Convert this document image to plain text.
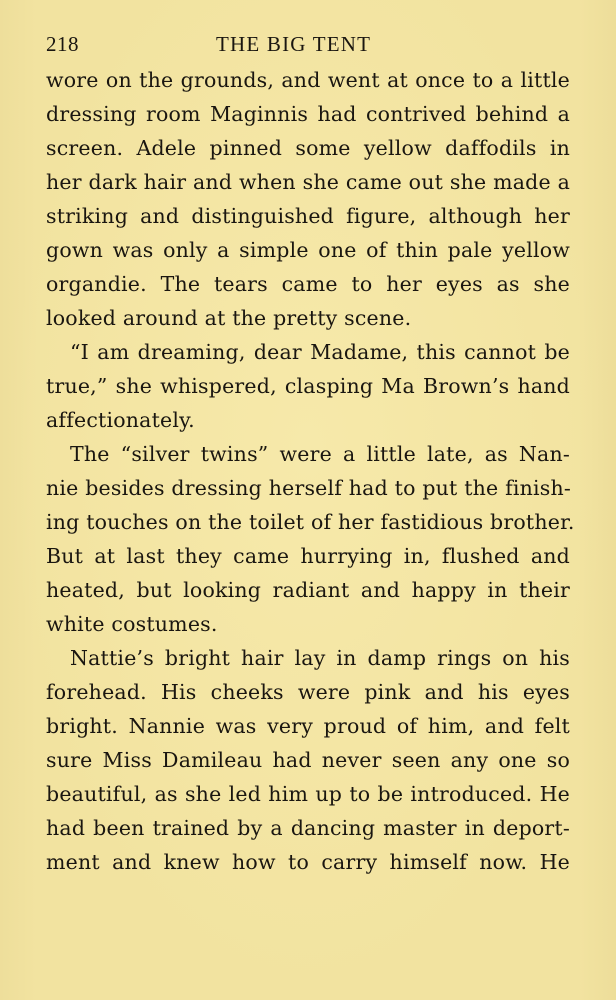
218	THE BIG TENT
wore on the grounds, and went at once to a little
dressing room Maginnis had contrived behind a
screen. Adele pinned some yellow daffodils in
her dark hair and when she came out she made a
striking and distinguished figure, although her
gown was only a simple one of thin pale yellow
organdie. The tears came to her eyes as she
looked around at the pretty scene.
“I am dreaming, dear Madame, this cannot be
true,” she whispered, clasping Ma Brown’s hand
affectionately.
The “silver twins” were a little late, as Nan-
nie besides dressing herself had to put the finish-
ing touches on the toilet of her fastidious brother.
But at last they came hurrying in, flushed and
heated, but looking radiant and happy in their
white costumes.
Nattie’s bright hair lay in damp rings on his
forehead. His cheeks were pink and his eyes
bright. Nannie was very proud of him, and felt
sure Miss Damileau had never seen any one so
beautiful, as she led him up to be introduced. He
had been trained by a dancing master in deport-
ment and knew how to carry himself now. He
